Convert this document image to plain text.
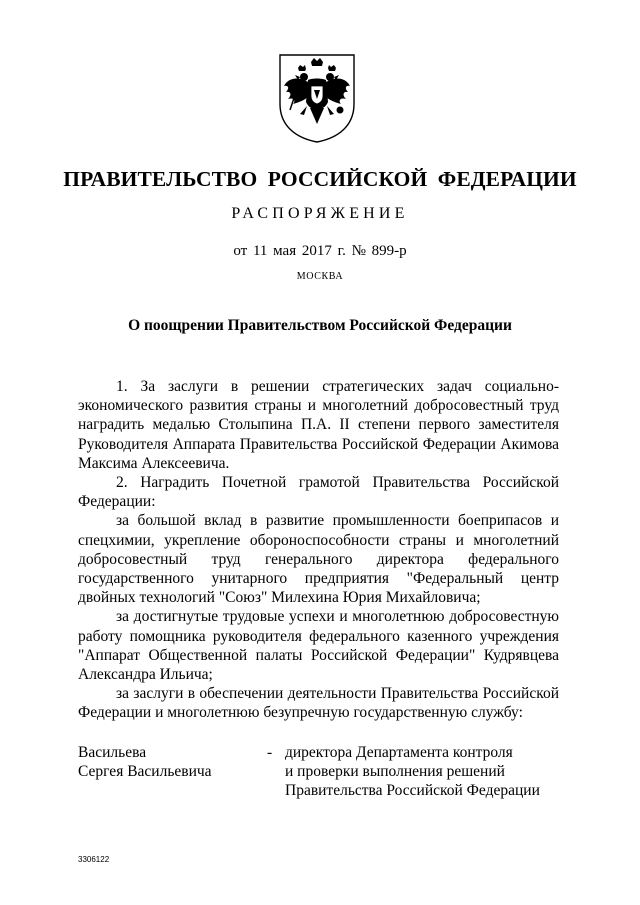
ПРАВИТЕЛЬСТВО РОССИЙСКОЙ ФЕДЕРАЦИИ
РАСПОРЯЖЕНИЕ
от 11 мая 2017 г. № 899-р
МОСКВА
О поощрении Правительством Российской Федерации

1. За заслуги в решении стратегических задач социально-экономического развития страны и многолетний добросовестный труд наградить медалью Столыпина П.А. II степени первого заместителя Руководителя Аппарата Правительства Российской Федерации Акимова Максима Алексеевича.

2. Наградить Почетной грамотой Правительства Российской Федерации:

за большой вклад в развитие промышленности боеприпасов и спецхимии, укрепление обороноспособности страны и многолетний добросовестный труд генерального директора федерального государственного унитарного предприятия "Федеральный центр двойных технологий "Союз" Милехина Юрия Михайловича;

за достигнутые трудовые успехи и многолетнюю добросовестную работу помощника руководителя федерального казенного учреждения "Аппарат Общественной палаты Российской Федерации" Кудрявцева Александра Ильича;

за заслуги в обеспечении деятельности Правительства Российской Федерации и многолетнюю безупречную государственную службу:

Васильева
Сергея Васильевича
- директора Департамента контроля
и проверки выполнения решений
Правительства Российской Федерации
3306122
